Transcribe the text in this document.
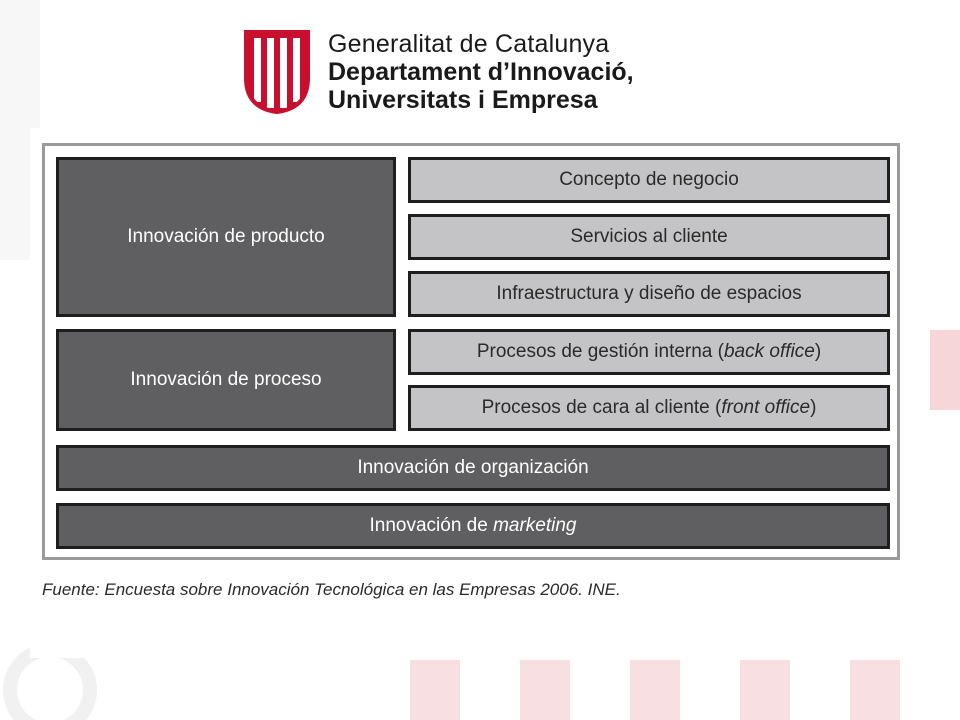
Generalitat de Catalunya
Departament d’Innovació,
Universitats i Empresa
Innovación de producto
Innovación de proceso
Concepto de negocio
Servicios al cliente
Infraestructura y diseño de espacios
Procesos de gestión interna (back office)
Procesos de cara al cliente (front office)
Innovación de organización
Innovación de marketing
Fuente: Encuesta sobre Innovación Tecnológica en las Empresas 2006. INE.
